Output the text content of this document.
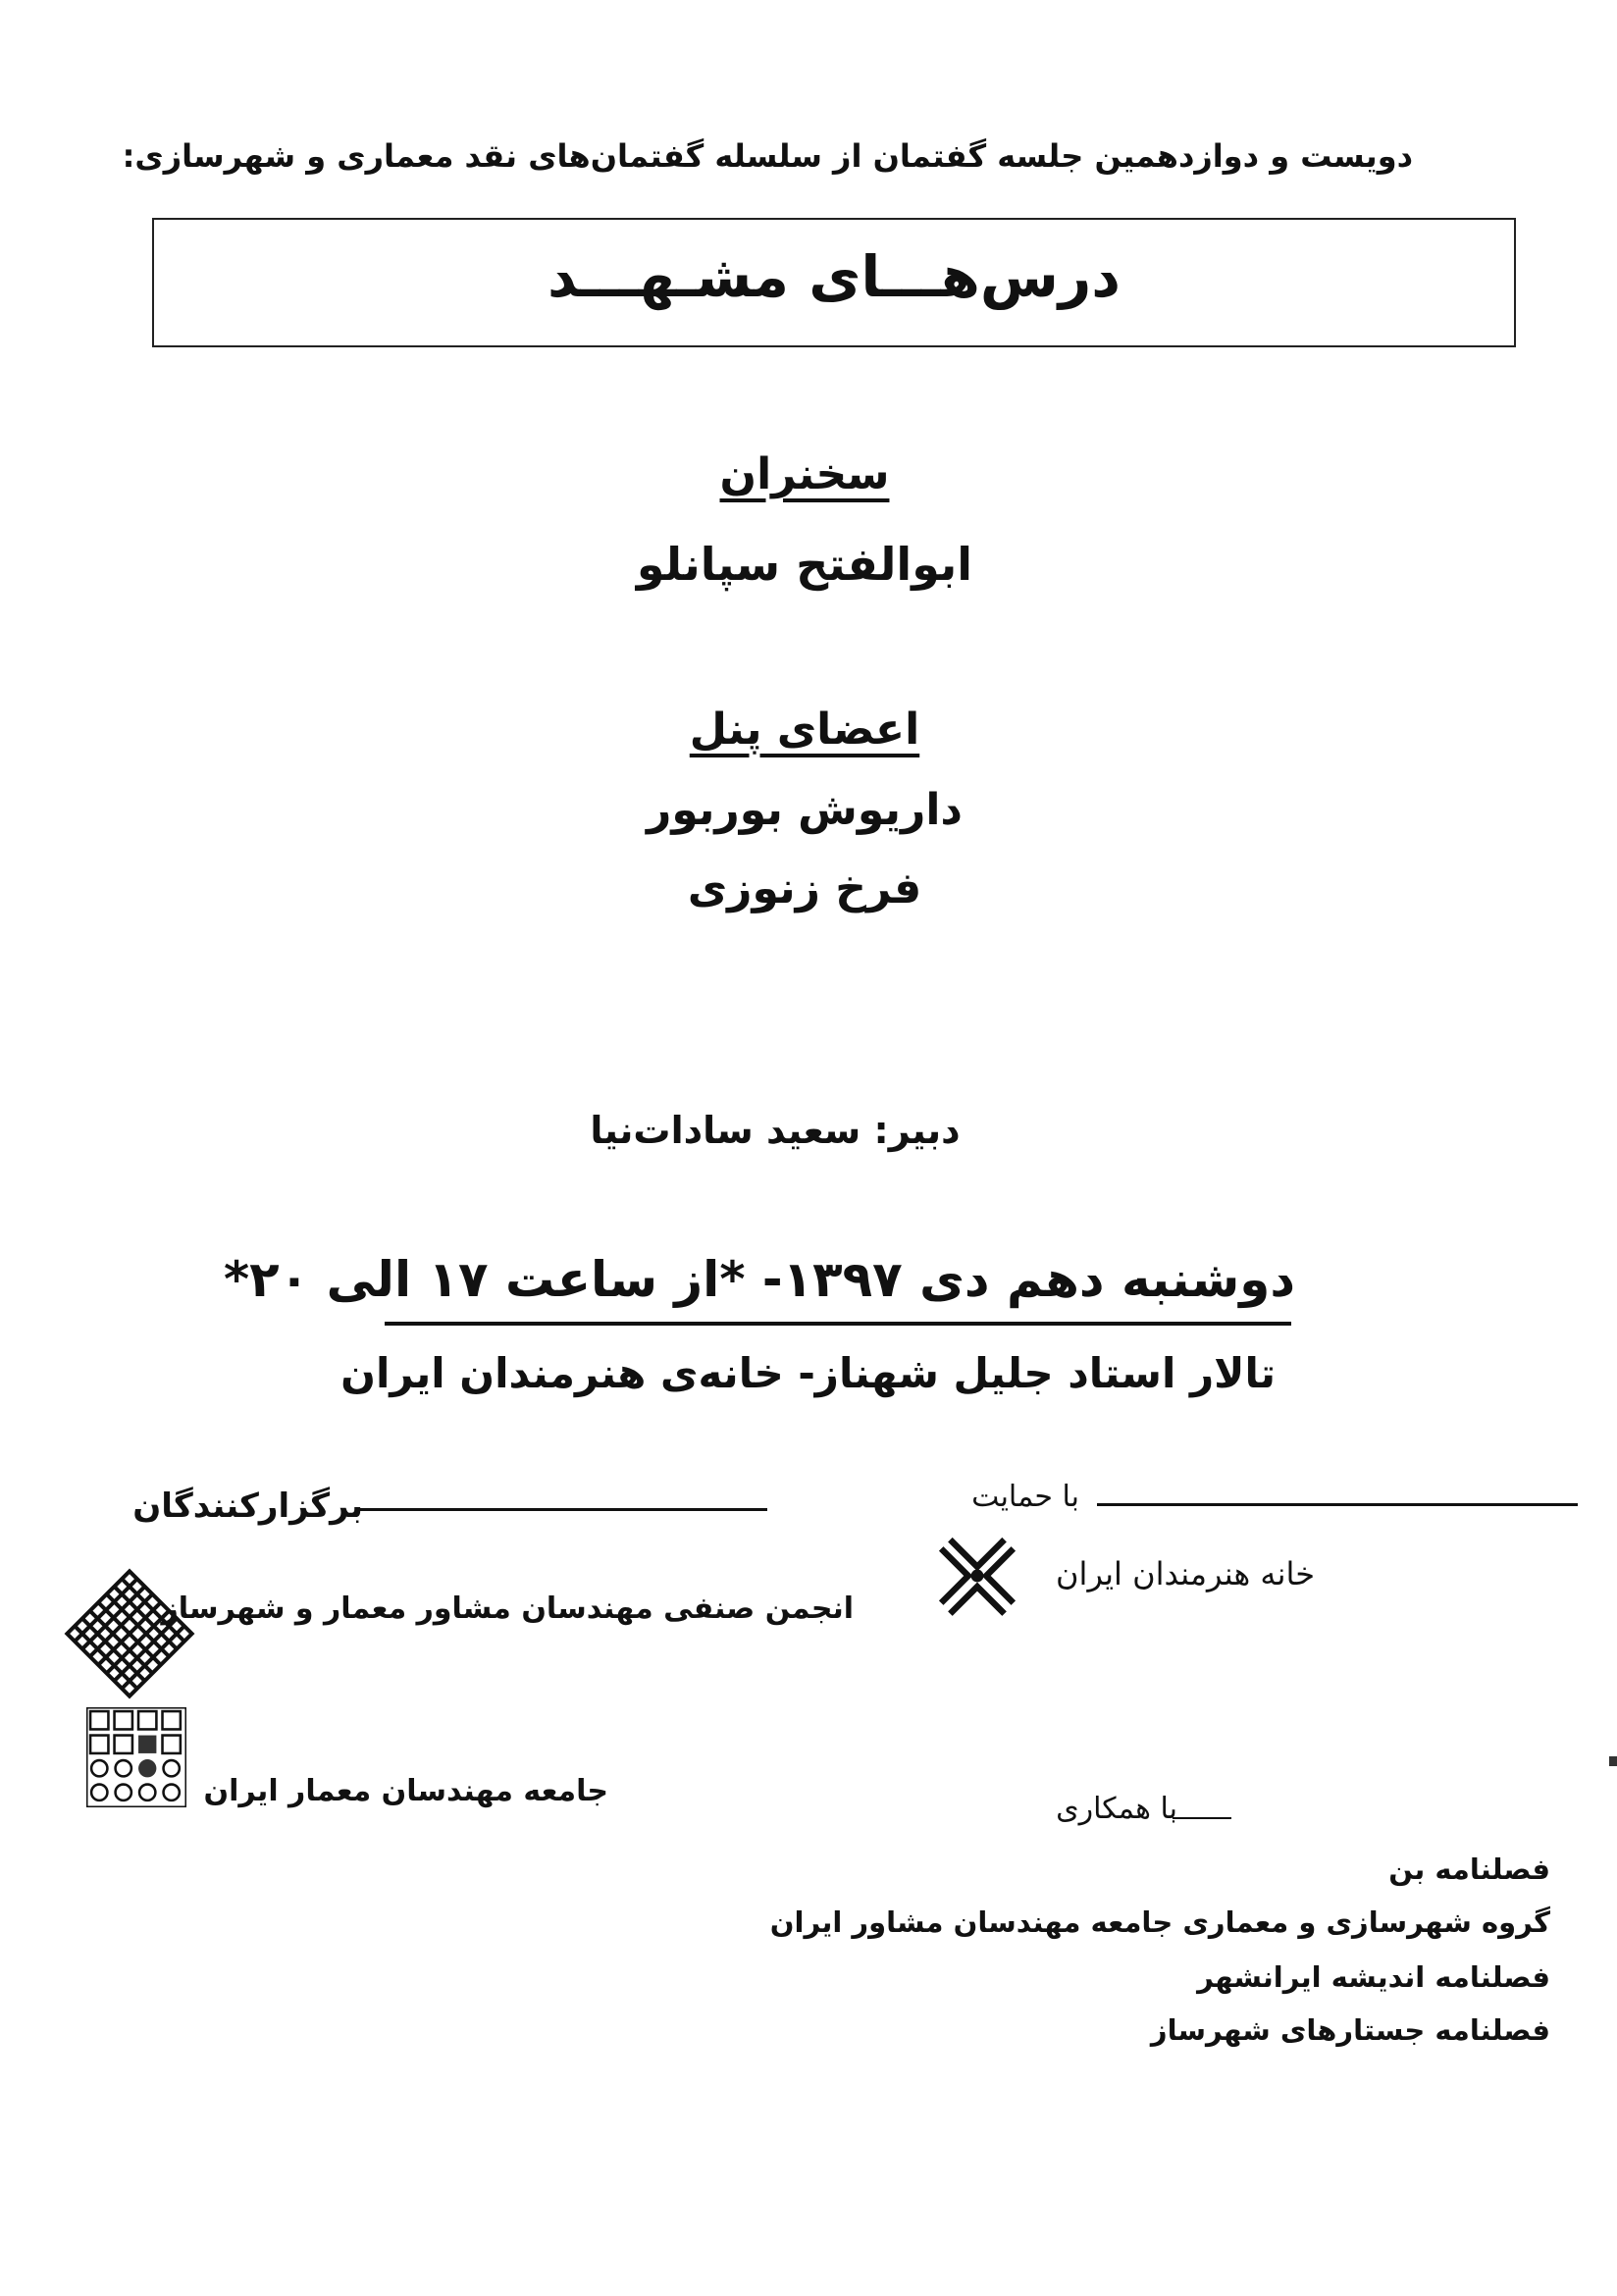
دویست و دوازدهمین جلسه گفتمان از سلسله گفتمان‌های نقد معماری و شهرسازی:
درس‌هـــای مشـهـــد
سخنران
ابوالفتح سپانلو
اعضای پنل
داریوش بوربور
فرخ زنوزی
دبیر: سعید سادات‌نیا
دوشنبه دهم دی ۱۳۹۷- *از ساعت ۱۷ الی ۲۰*
تالار استاد جلیل شهناز- خانه‌ی هنرمندان ایران
برگزارکنندگان
انجمن صنفی مهندسان مشاور معمار و شهرساز
جامعه مهندسان معمار ایران
با حمایت
خانه هنرمندان ایران
با همکاری
فصلنامه بن
گروه شهرسازی و معماری جامعه مهندسان مشاور ایران
فصلنامه اندیشه ایرانشهر
فصلنامه جستارهای شهرساز
